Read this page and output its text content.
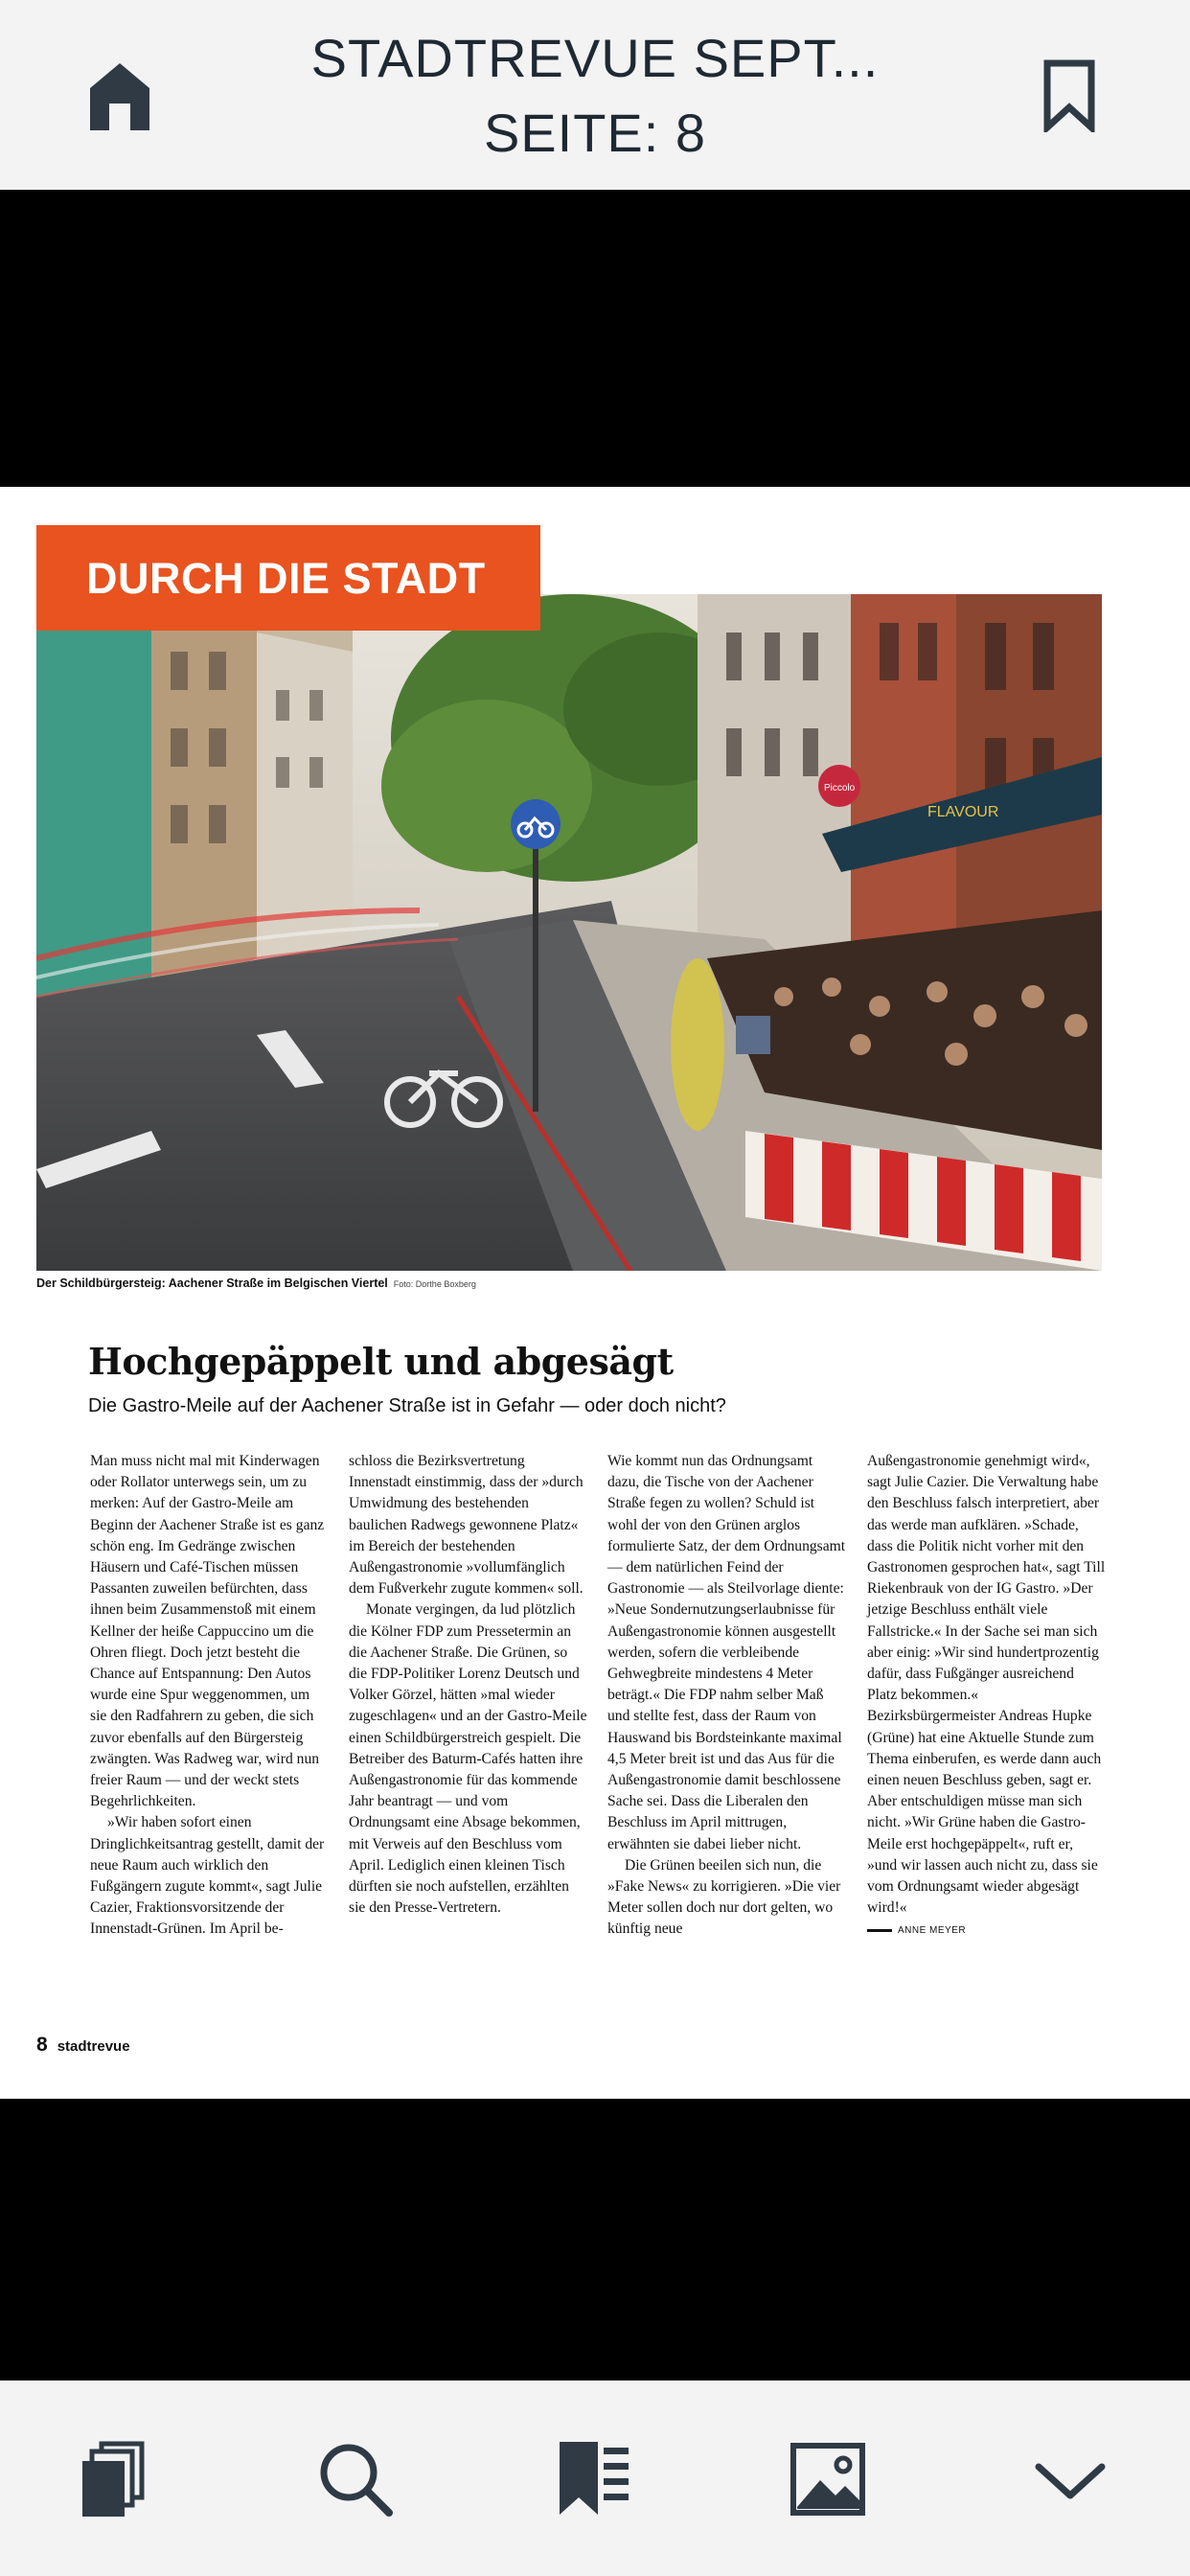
STADTREVUE SEPT...
SEITE: 8
FLAVOUR
Piccolo
DURCH DIE STADT
Der Schildbürgersteig: Aachener Straße im Belgischen Viertel Foto: Dorthe Boxberg
Hochgepäppelt und abgesägt
Die Gastro-Meile auf der Aachener Straße ist in Gefahr — oder doch nicht?

Man muss nicht mal mit Kinderwagen oder Rollator unterwegs sein, um zu merken: Auf der Gastro-Meile am Beginn der Aachener Straße ist es ganz schön eng. Im Gedränge zwischen Häusern und Café-Tischen müssen Passanten zuweilen befürchten, dass ihnen beim Zusammenstoß mit einem Kellner der heiße Cappuccino um die Ohren fliegt. Doch jetzt besteht die Chance auf Entspannung: Den Autos wurde eine Spur weggenommen, um sie den Radfahrern zu geben, die sich zuvor ebenfalls auf den Bürgersteig zwängten. Was Radweg war, wird nun freier Raum — und der weckt stets Begehrlichkeiten.

»Wir haben sofort einen Dringlichkeitsantrag gestellt, damit der neue Raum auch wirklich den Fußgängern zugute kommt«, sagt Julie Cazier, Fraktionsvorsitzende der Innenstadt-Grünen. Im April be-

schloss die Bezirksvertretung Innenstadt einstimmig, dass der »durch Umwidmung des bestehenden baulichen Radwegs gewonnene Platz« im Bereich der bestehenden Außengastronomie »vollumfänglich dem Fußverkehr zugute kommen« soll.

Monate vergingen, da lud plötzlich die Kölner FDP zum Pressetermin an die Aachener Straße. Die Grünen, so die FDP-Politiker Lorenz Deutsch und Volker Görzel, hätten »mal wieder zugeschlagen« und an der Gastro-Meile einen Schildbürgerstreich gespielt. Die Betreiber des Baturm-Cafés hatten ihre Außengastronomie für das kommende Jahr beantragt — und vom Ordnungsamt eine Absage bekommen, mit Verweis auf den Beschluss vom April. Lediglich einen kleinen Tisch dürften sie noch aufstellen, erzählten sie den Presse-Vertretern.

Wie kommt nun das Ordnungsamt dazu, die Tische von der Aachener Straße fegen zu wollen? Schuld ist wohl der von den Grünen arglos formulierte Satz, der dem Ordnungsamt — dem natürlichen Feind der Gastronomie — als Steilvorlage diente: »Neue Sondernutzungserlaubnisse für Außengastronomie können ausgestellt werden, sofern die verbleibende Gehwegbreite mindestens 4 Meter beträgt.« Die FDP nahm selber Maß und stellte fest, dass der Raum von Hauswand bis Bordsteinkante maximal 4,5 Meter breit ist und das Aus für die Außengastronomie damit beschlossene Sache sei. Dass die Liberalen den Beschluss im April mittrugen, erwähnten sie dabei lieber nicht.

Die Grünen beeilen sich nun, die »Fake News« zu korrigieren. »Die vier Meter sollen doch nur dort gelten, wo künftig neue

Außengastronomie genehmigt wird«, sagt Julie Cazier. Die Verwaltung habe den Beschluss falsch interpretiert, aber das werde man aufklären. »Schade, dass die Politik nicht vorher mit den Gastronomen gesprochen hat«, sagt Till Riekenbrauk von der IG Gastro. »Der jetzige Beschluss enthält viele Fallstricke.« In der Sache sei man sich aber einig: »Wir sind hundertprozentig dafür, dass Fußgänger ausreichend Platz bekommen.« Bezirksbürgermeister Andreas Hupke (Grüne) hat eine Aktuelle Stunde zum Thema einberufen, es werde dann auch einen neuen Beschluss geben, sagt er. Aber entschuldigen müsse man sich nicht. »Wir Grüne haben die Gastro-Meile erst hochgepäppelt«, ruft er, »und wir lassen auch nicht zu, dass sie vom Ordnungsamt wieder abgesägt wird!«

ANNE MEYER
8 stadtrevue
